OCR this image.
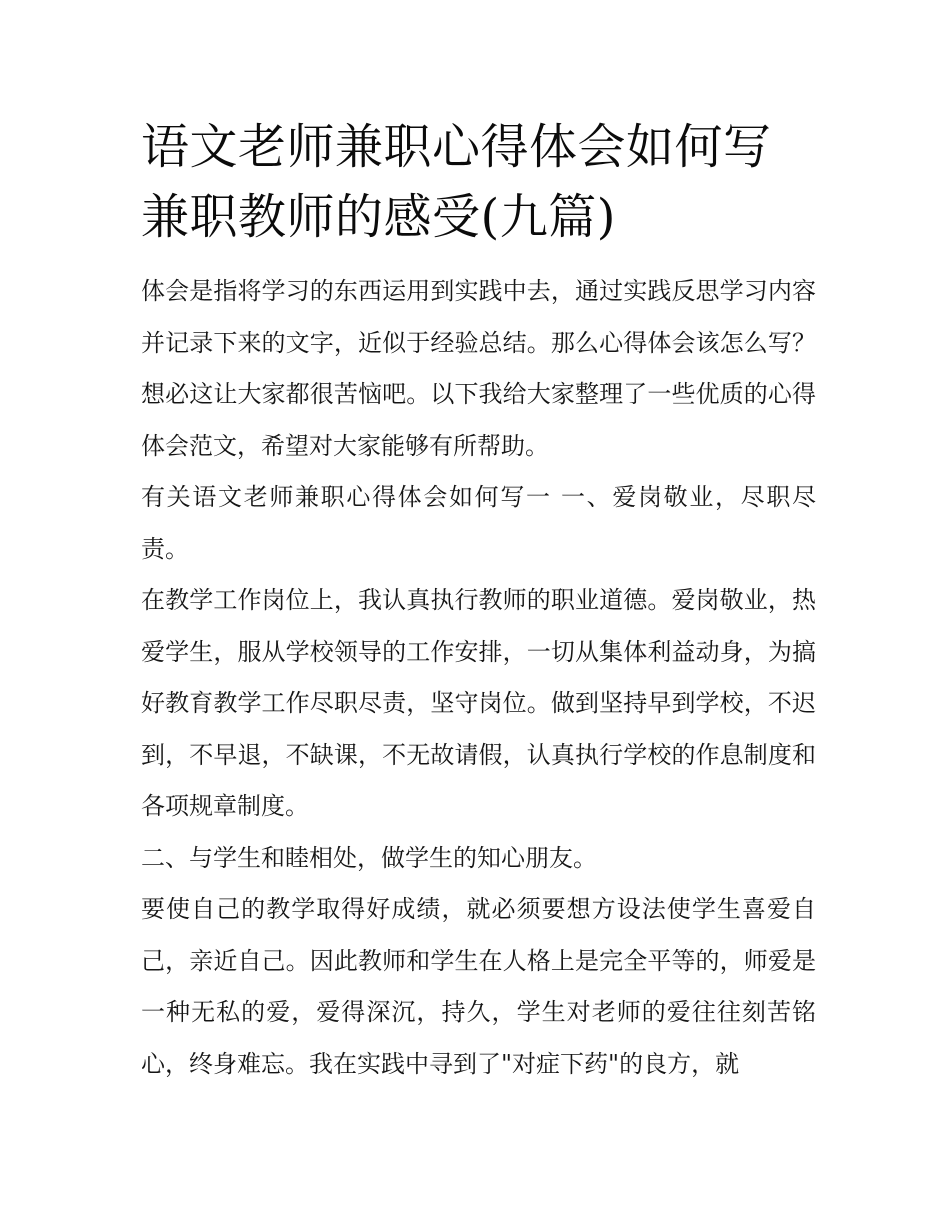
语文老师兼职心得体会如何写
兼职教师的感受(九篇)

体会是指将学习的东西运用到实践中去，通过实践反思学习内容并记录下来的文字，近似于经验总结。那么心得体会该怎么写？想必这让大家都很苦恼吧。以下我给大家整理了一些优质的心得体会范文，希望对大家能够有所帮助。

有关语文老师兼职心得体会如何写一 一、爱岗敬业，尽职尽责。

在教学工作岗位上，我认真执行教师的职业道德。爱岗敬业，热爱学生，服从学校领导的工作安排，一切从集体利益动身，为搞好教育教学工作尽职尽责，坚守岗位。做到坚持早到学校，不迟到，不早退，不缺课，不无故请假，认真执行学校的作息制度和各项规章制度。

二、与学生和睦相处，做学生的知心朋友。

要使自己的教学取得好成绩，就必须要想方设法使学生喜爱自己，亲近自己。因此教师和学生在人格上是完全平等的，师爱是一种无私的爱，爱得深沉，持久，学生对老师的爱往往刻苦铭心，终身难忘。我在实践中寻到了"对症下药"的良方，就
